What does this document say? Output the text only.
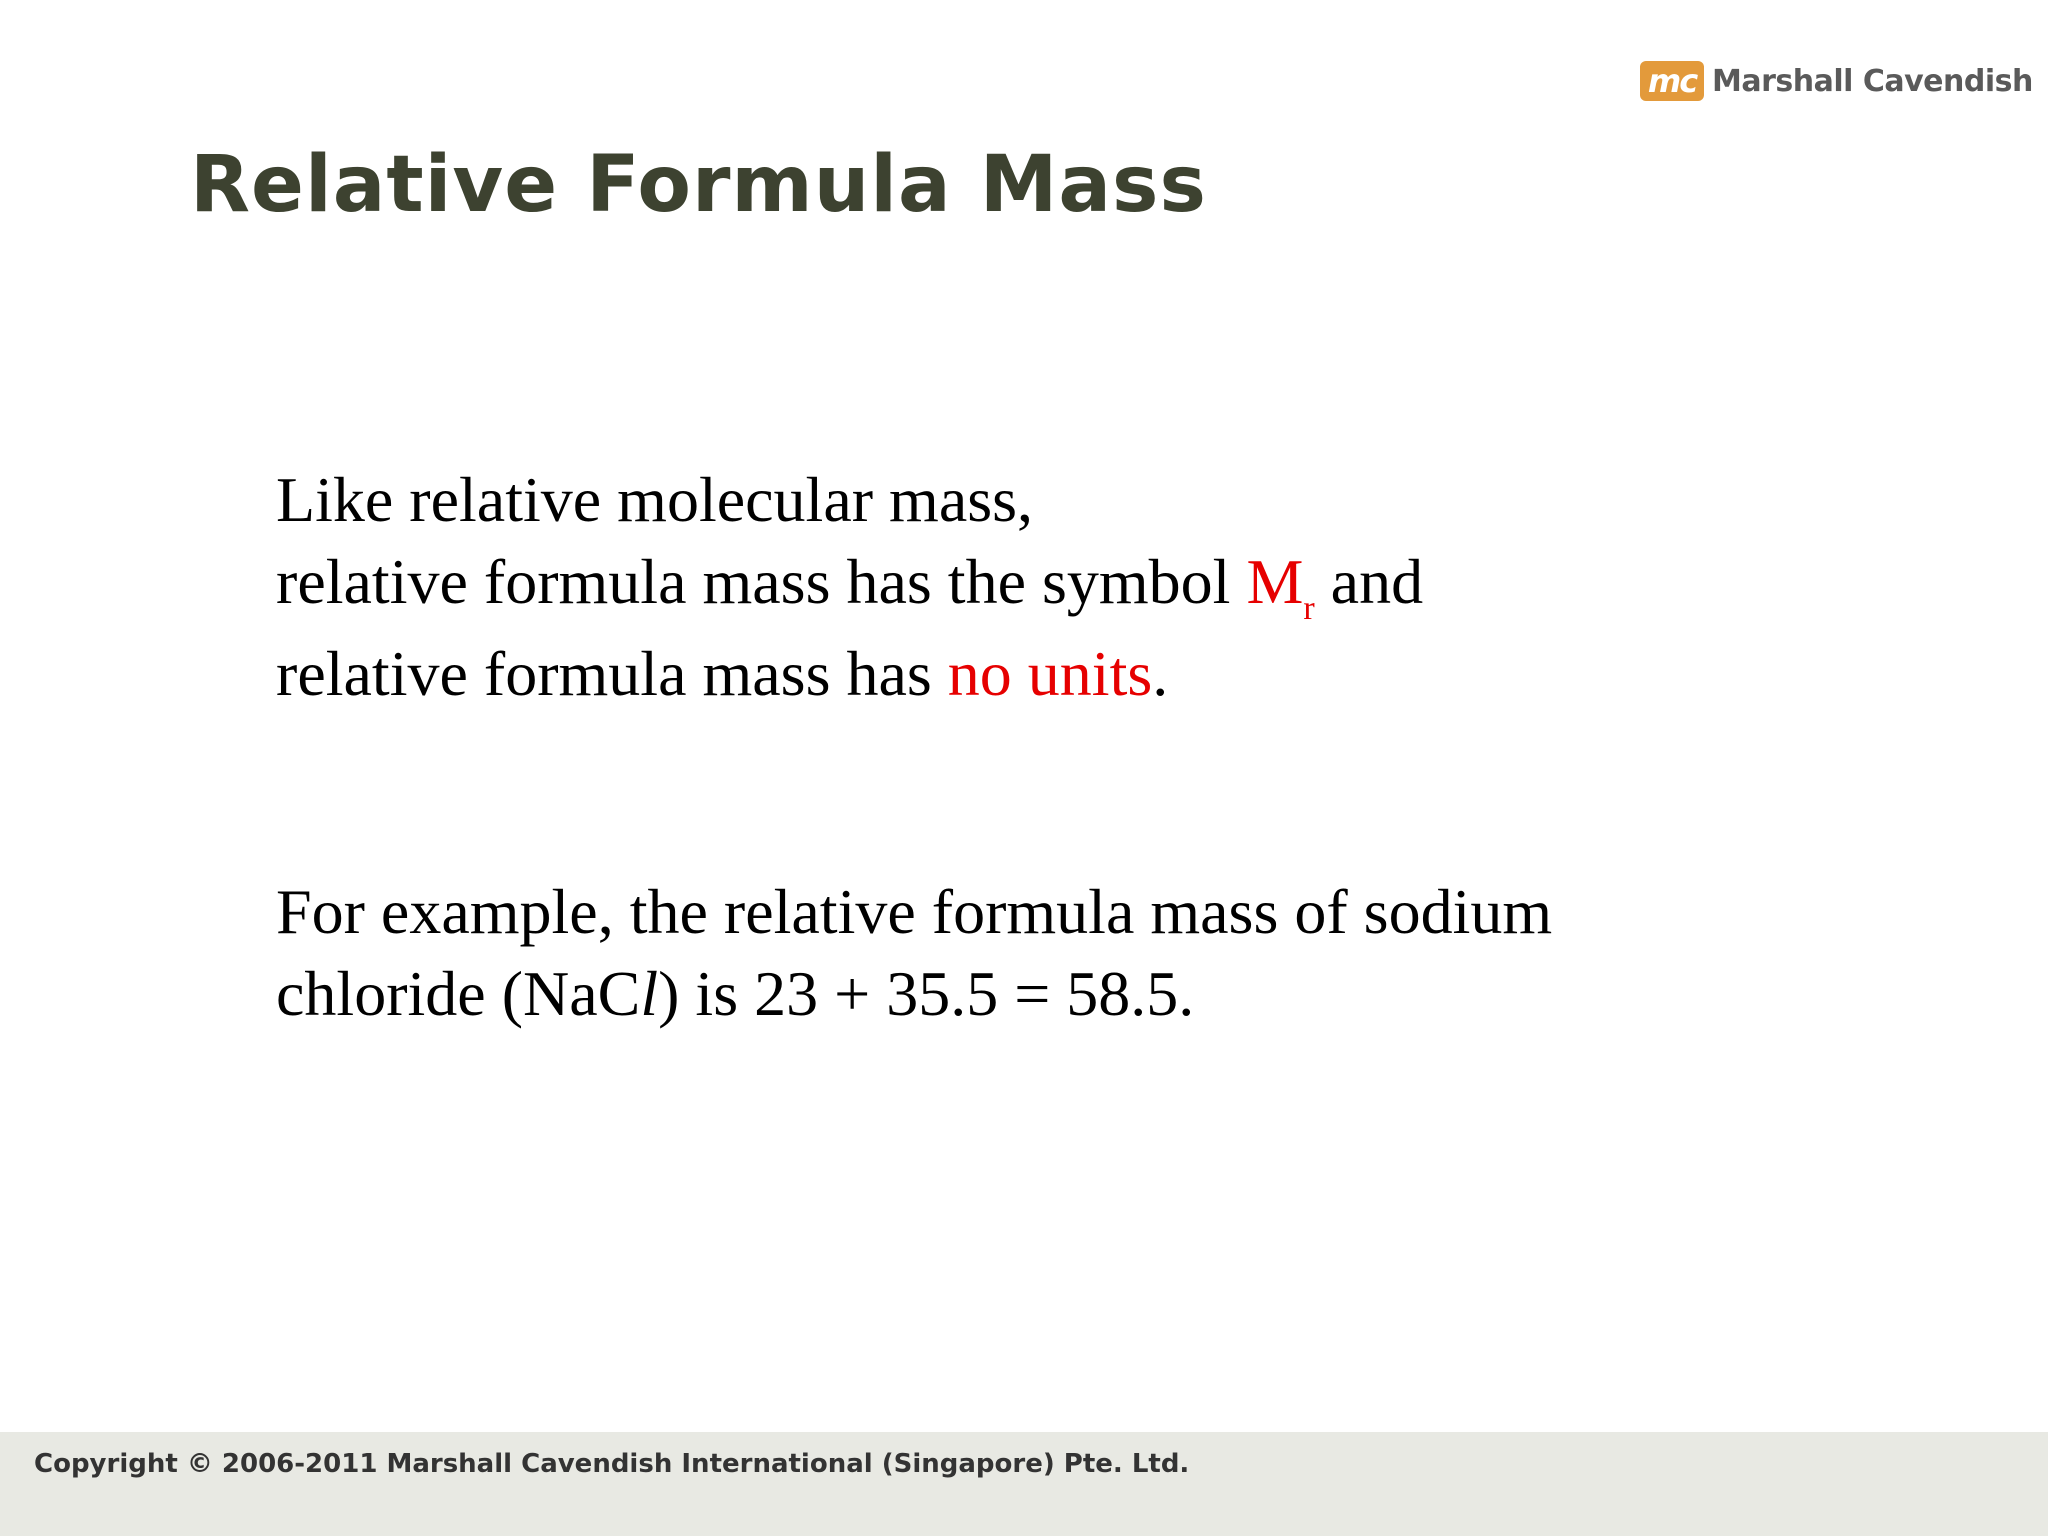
mc Marshall Cavendish
Relative Formula Mass
Like relative molecular mass,
relative formula mass has the symbol $M_r$ and
relative formula mass has no units.
For example, the relative formula mass of sodium
chloride (NaCl) is 23 + 35.5 = 58.5.
Copyright © 2006-2011 Marshall Cavendish International (Singapore) Pte. Ltd.
